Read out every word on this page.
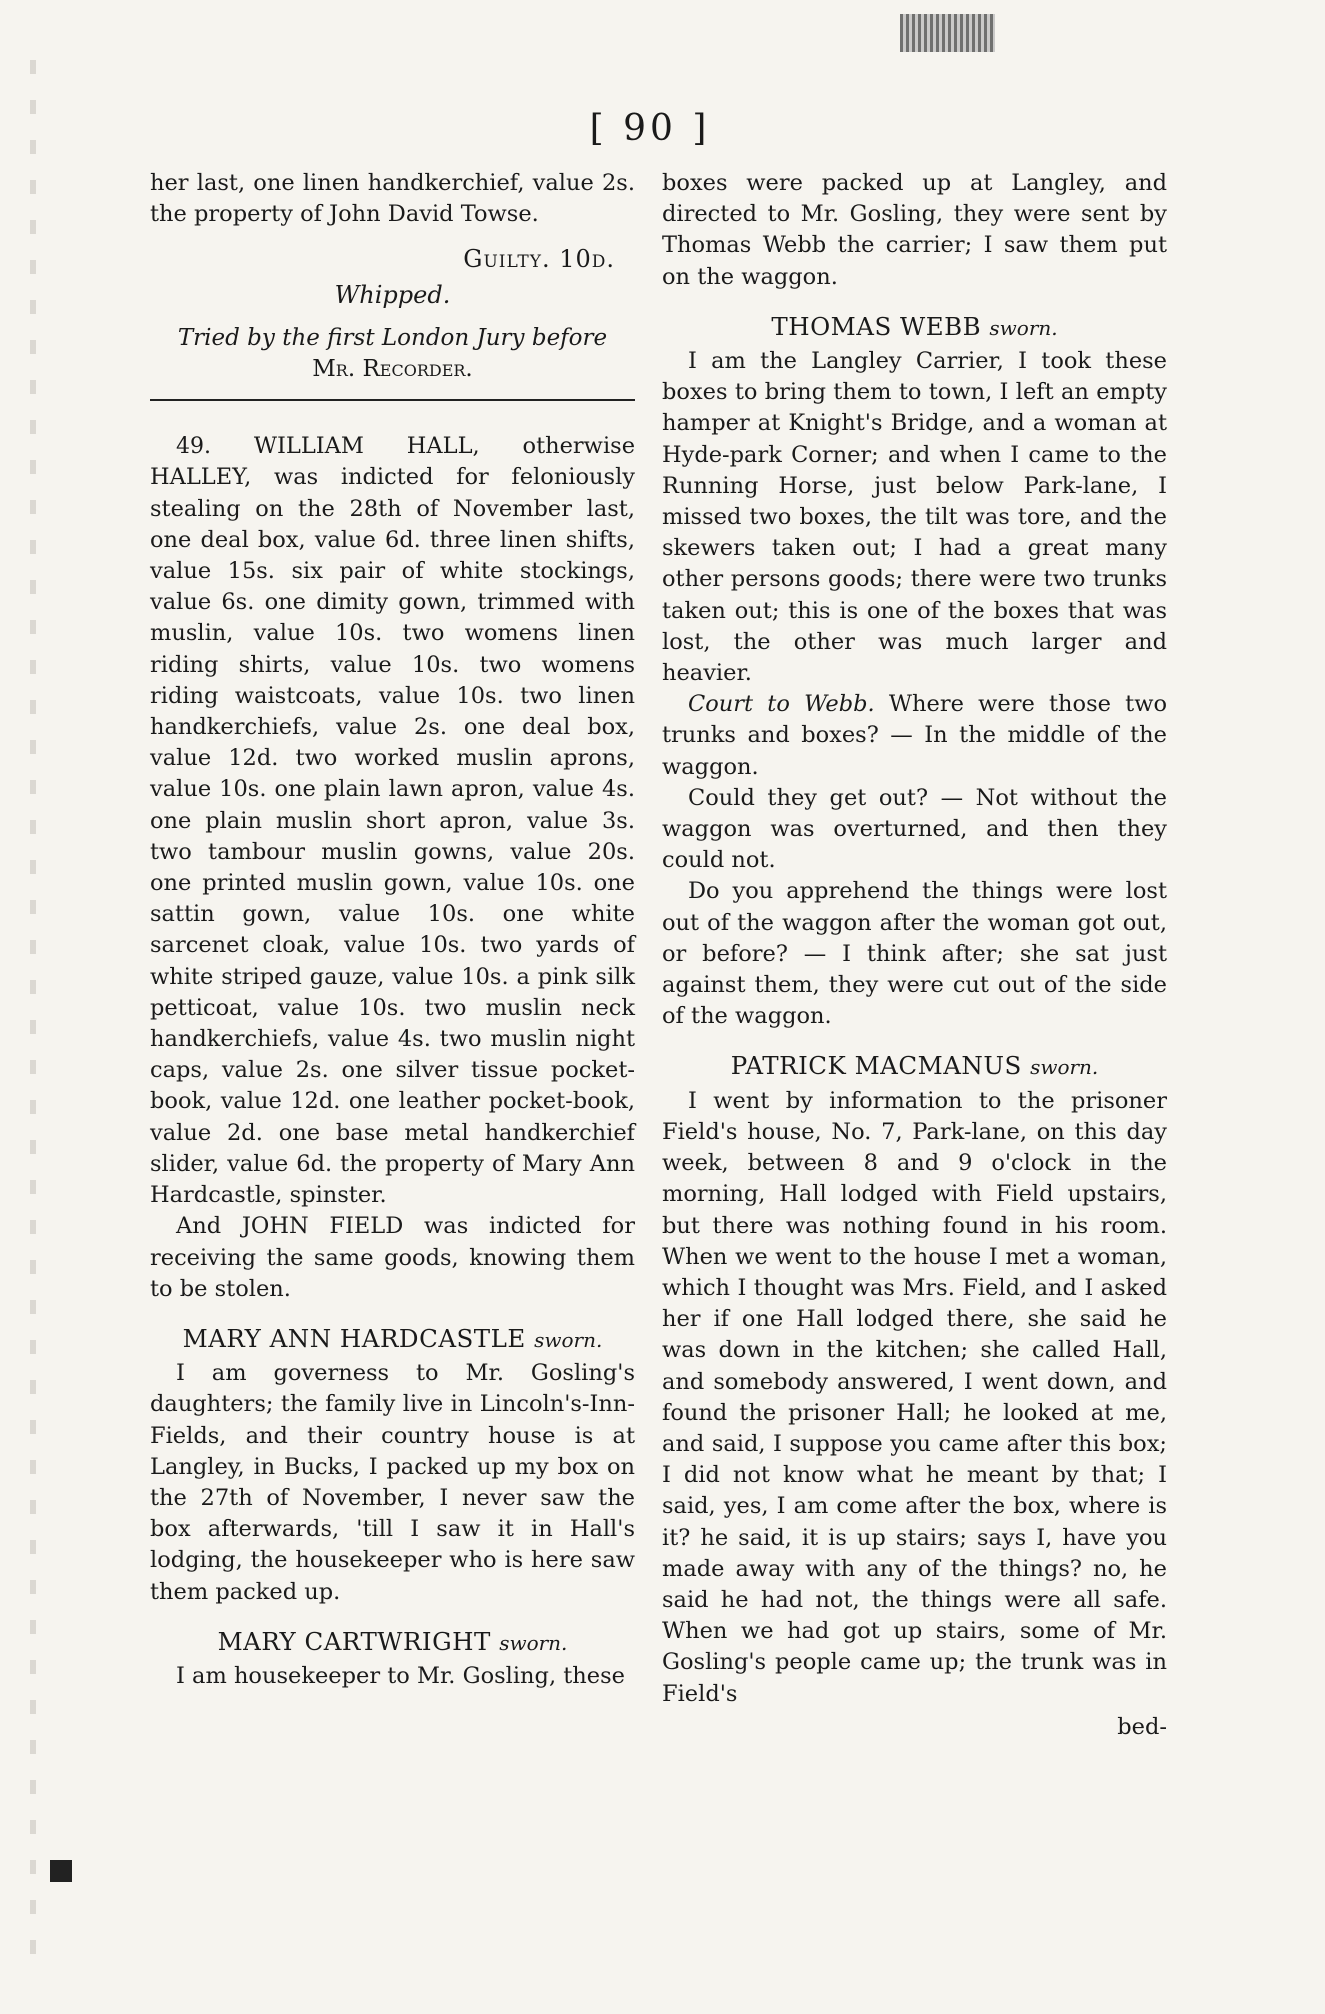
[ 90 ]

her last, one linen handkerchief, value 2s. the property of John David Towse.

Guilty. 10d.
Whipped.
Tried by the first London Jury before
Mr. Recorder.

49. WILLIAM HALL, otherwise HALLEY, was indicted for feloniously stealing on the 28th of November last, one deal box, value 6d. three linen shifts, value 15s. six pair of white stockings, value 6s. one dimity gown, trimmed with muslin, value 10s. two womens linen riding shirts, value 10s. two womens riding waistcoats, value 10s. two linen handkerchiefs, value 2s. one deal box, value 12d. two worked muslin aprons, value 10s. one plain lawn apron, value 4s. one plain muslin short apron, value 3s. two tambour muslin gowns, value 20s. one printed muslin gown, value 10s. one sattin gown, value 10s. one white sarcenet cloak, value 10s. two yards of white striped gauze, value 10s. a pink silk petticoat, value 10s. two muslin neck handkerchiefs, value 4s. two muslin night caps, value 2s. one silver tissue pocket-book, value 12d. one leather pocket-book, value 2d. one base metal handkerchief slider, value 6d. the property of Mary Ann Hardcastle, spinster.

And JOHN FIELD was indicted for receiving the same goods, knowing them to be stolen.

MARY ANN HARDCASTLE sworn.

I am governess to Mr. Gosling's daughters; the family live in Lincoln's-Inn-Fields, and their country house is at Langley, in Bucks, I packed up my box on the 27th of November, I never saw the box afterwards, 'till I saw it in Hall's lodging, the housekeeper who is here saw them packed up.

MARY CARTWRIGHT sworn.

I am housekeeper to Mr. Gosling, these

boxes were packed up at Langley, and directed to Mr. Gosling, they were sent by Thomas Webb the carrier; I saw them put on the waggon.

THOMAS WEBB sworn.

I am the Langley Carrier, I took these boxes to bring them to town, I left an empty hamper at Knight's Bridge, and a woman at Hyde-park Corner; and when I came to the Running Horse, just below Park-lane, I missed two boxes, the tilt was tore, and the skewers taken out; I had a great many other persons goods; there were two trunks taken out; this is one of the boxes that was lost, the other was much larger and heavier.

Court to Webb. Where were those two trunks and boxes? — In the middle of the waggon.

Could they get out? — Not without the waggon was overturned, and then they could not.

Do you apprehend the things were lost out of the waggon after the woman got out, or before? — I think after; she sat just against them, they were cut out of the side of the waggon.

PATRICK MACMANUS sworn.

I went by information to the prisoner Field's house, No. 7, Park-lane, on this day week, between 8 and 9 o'clock in the morning, Hall lodged with Field upstairs, but there was nothing found in his room. When we went to the house I met a woman, which I thought was Mrs. Field, and I asked her if one Hall lodged there, she said he was down in the kitchen; she called Hall, and somebody answered, I went down, and found the prisoner Hall; he looked at me, and said, I suppose you came after this box; I did not know what he meant by that; I said, yes, I am come after the box, where is it? he said, it is up stairs; says I, have you made away with any of the things? no, he said he had not, the things were all safe. When we had got up stairs, some of Mr. Gosling's people came up; the trunk was in Field's

bed-
